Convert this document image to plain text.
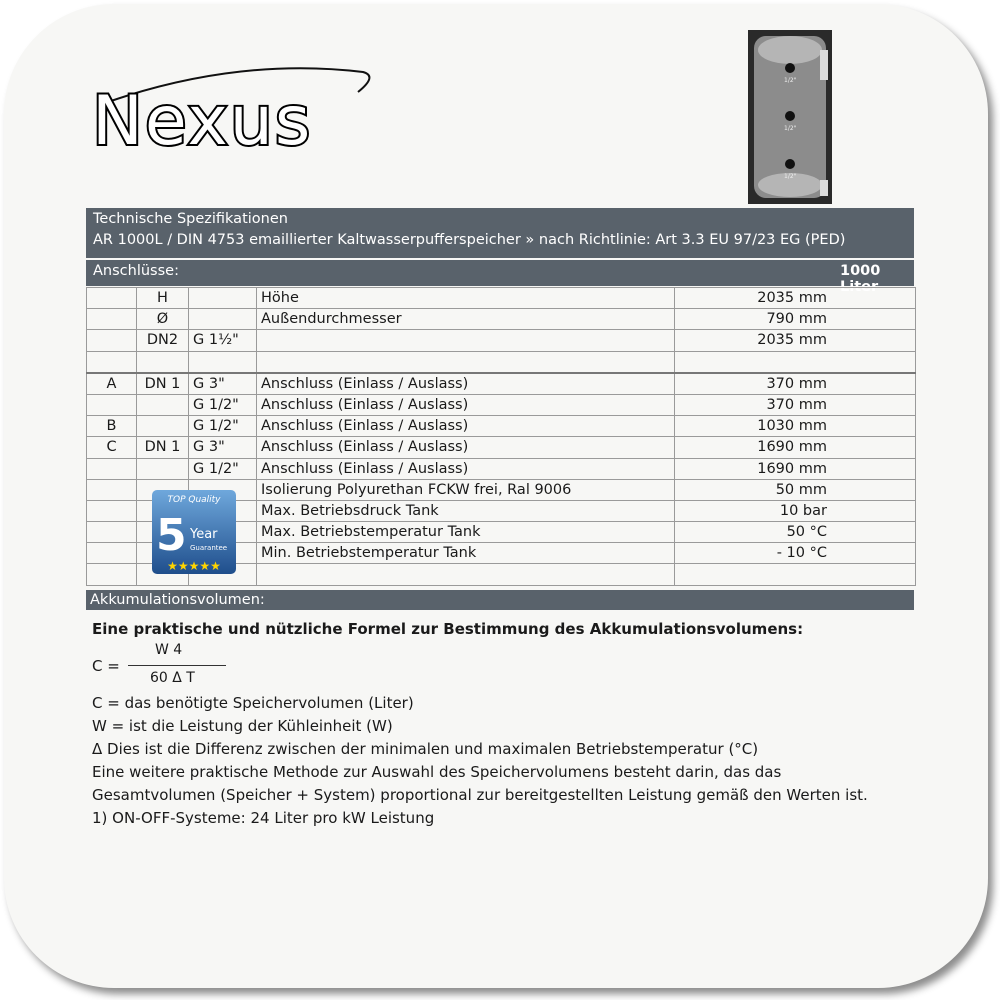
Nexus
1/2"
1/2"
1/2"
Technische Spezifikationen
AR 1000L / DIN 4753 emaillierter Kaltwasserpufferspeicher » nach Richtlinie: Art 3.3 EU 97/23 EG (PED)
Anschlüsse:	1000 Liter
	H		Höhe	2035 mm
	Ø		Außendurchmesser	790 mm
	DN2	G 1½"		2035 mm

A	DN 1	G 3"	Anschluss (Einlass / Auslass)	370 mm
		G 1/2"	Anschluss (Einlass / Auslass)	370 mm
B		G 1/2"	Anschluss (Einlass / Auslass)	1030 mm
C	DN 1	G 3"	Anschluss (Einlass / Auslass)	1690 mm
		G 1/2"	Anschluss (Einlass / Auslass)	1690 mm
			Isolierung Polyurethan FCKW frei, Ral 9006	50 mm
			Max. Betriebsdruck Tank	10 bar
			Max. Betriebstemperatur Tank	50 °C
			Min. Betriebstemperatur Tank	- 10 °C

TOP Quality
5 Year
Guarantee
★★★★★
Akkumulationsvolumen:
Eine praktische und nützliche Formel zur Bestimmung des Akkumulationsvolumens:
C =
W 4
60 Δ T
C = das benötigte Speichervolumen (Liter)
W = ist die Leistung der Kühleinheit (W)
Δ Dies ist die Differenz zwischen der minimalen und maximalen Betriebstemperatur (°C)
Eine weitere praktische Methode zur Auswahl des Speichervolumens besteht darin, das das
Gesamtvolumen (Speicher + System) proportional zur bereitgestellten Leistung gemäß den Werten ist.
1) ON-OFF-Systeme: 24 Liter pro kW Leistung
